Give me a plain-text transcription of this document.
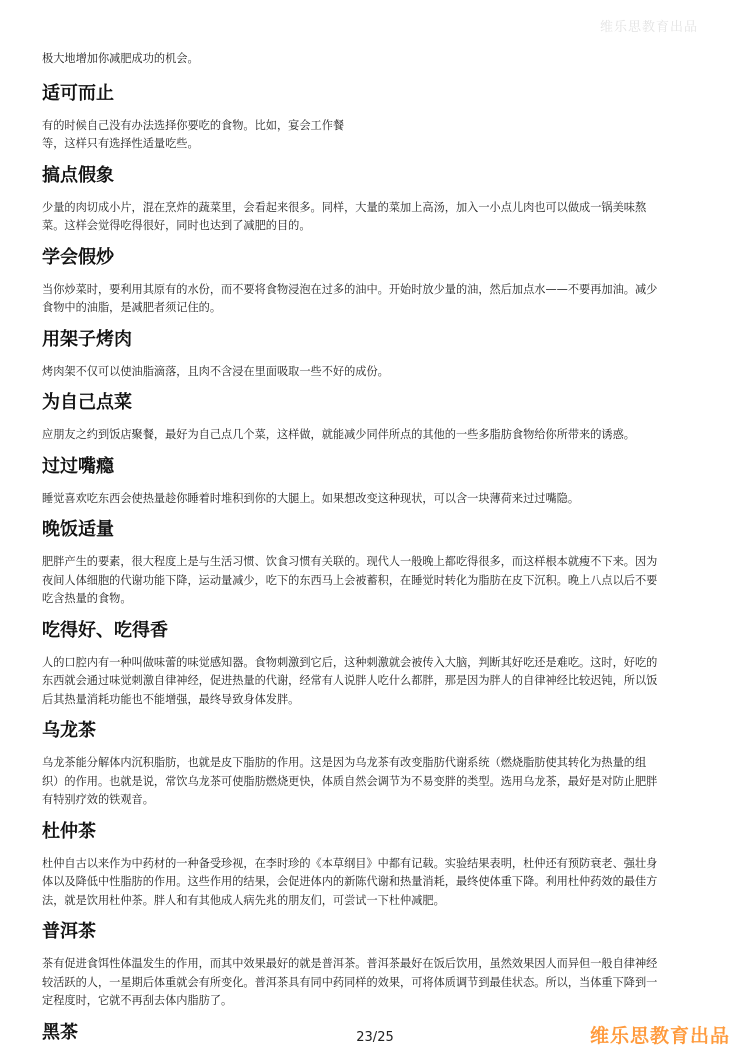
维乐思教育出品

极大地增加你减肥成功的机会。

适可而止

有的时候自己没有办法选择你要吃的食物。比如，宴会工作餐

等，这样只有选择性适量吃些。

搞点假象

少量的肉切成小片，混在烹炸的蔬菜里，会看起来很多。同样，大量的菜加上高汤，加入一小点儿肉也可以做成一锅美味熬

菜。这样会觉得吃得很好，同时也达到了减肥的目的。

学会假炒

当你炒菜时，要利用其原有的水份，而不要将食物浸泡在过多的油中。开始时放少量的油，然后加点水——不要再加油。减少

食物中的油脂，是减肥者须记住的。

用架子烤肉

烤肉架不仅可以使油脂滴落，且肉不含浸在里面吸取一些不好的成份。

为自己点菜

应朋友之约到饭店聚餐，最好为自己点几个菜，这样做，就能减少同伴所点的其他的一些多脂肪食物给你所带来的诱惑。

过过嘴瘾

睡觉喜欢吃东西会使热量趁你睡着时堆积到你的大腿上。如果想改变这种现状，可以含一块薄荷来过过嘴隐。

晚饭适量

肥胖产生的要素，很大程度上是与生活习惯、饮食习惯有关联的。现代人一般晚上都吃得很多，而这样根本就瘦不下来。因为

夜间人体细胞的代谢功能下降，运动量减少，吃下的东西马上会被蓄积，在睡觉时转化为脂肪在皮下沉积。晚上八点以后不要

吃含热量的食物。

吃得好、吃得香

人的口腔内有一种叫做味蕾的味觉感知器。食物刺激到它后，这种刺激就会被传入大脑，判断其好吃还是难吃。这时，好吃的

东西就会通过味觉刺激自律神经，促进热量的代谢，经常有人说胖人吃什么都胖，那是因为胖人的自律神经比较迟钝，所以饭

后其热量消耗功能也不能增强，最终导致身体发胖。

乌龙茶

乌龙茶能分解体内沉积脂肪，也就是皮下脂肪的作用。这是因为乌龙茶有改变脂肪代谢系统（燃烧脂肪使其转化为热量的组

织）的作用。也就是说，常饮乌龙茶可使脂肪燃烧更快，体质自然会调节为不易变胖的类型。选用乌龙茶，最好是对防止肥胖

有特别疗效的铁观音。

杜仲茶

杜仲自古以来作为中药材的一种备受珍视，在李时珍的《本草纲目》中都有记载。实验结果表明，杜仲还有预防衰老、强壮身

体以及降低中性脂肪的作用。这些作用的结果，会促进体内的新陈代谢和热量消耗，最终使体重下降。利用杜仲药效的最佳方

法，就是饮用杜仲茶。胖人和有其他成人病先兆的朋友们，可尝试一下杜仲减肥。

普洱茶

茶有促进食饵性体温发生的作用，而其中效果最好的就是普洱茶。普洱茶最好在饭后饮用，虽然效果因人而异但一般自律神经

较活跃的人，一星期后体重就会有所变化。普洱茶具有同中药同样的效果，可将体质调节到最佳状态。所以，当体重下降到一

定程度时，它就不再刮去体内脂肪了。

黑茶	23/25	维乐思教育出品
